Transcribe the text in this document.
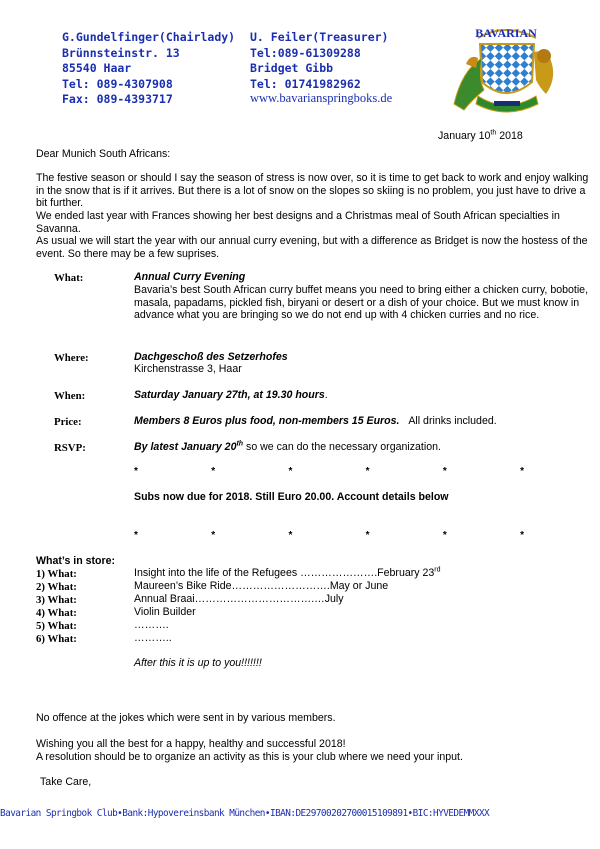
G.Gundelfinger(Chairlady)
Brünnsteinstr. 13
85540 Haar
Tel: 089-4307908
Fax: 089-4393717
U. Feiler(Treasurer)
Tel:089-61309288
Bridget Gibb
Tel: 01741982962
www.bavarianspringboks.de
BAVARIAN
January 10th 2018
Dear Munich South Africans:
The festive season or should I say the season of stress is now over, so it is time to get back to work and enjoy walking in the snow that is if it arrives. But there is a lot of snow on the slopes so skiing is no problem, you just have to drive a bit further.
We ended last year with Frances showing her best designs and a Christmas meal of South African specialties in Savanna.
As usual we will start the year with our annual curry evening, but with a difference as Bridget is now the hostess of the event. So there may be a few suprises.
What:	Annual Curry Evening
Bavaria’s best South African curry buffet means you need to bring either a chicken curry, bobotie, masala, papadams, pickled fish, biryani or desert or a dish of your choice. But we must know in advance what you are bringing so we do not end up with 4 chicken curries and no rice.
Where:	Dachgeschoß des Setzerhofes
Kirchenstrasse 3, Haar
When:	Saturday January 27th, at 19.30 hours.
Price:	Members 8 Euros plus food, non-members 15 Euros. All drinks included.
RSVP:	By latest January 20th so we can do the necessary organization.
*	*	*	*	*	*
Subs now due for 2018. Still Euro 20.00. Account details below
*	*	*	*	*	*
What’s in store:
1) What:	Insight into the life of the Refugees ………………….February 23rd
2) What:	Maureen’s Bike Ride……………………….May or June
3) What:	Annual Braai…………………………….…July
4) What:	Violin Builder
5) What:	……….
6) What:	………..
After this it is up to you!!!!!!!
No offence at the jokes which were sent in by various members.
Wishing you all the best for a happy, healthy and successful 2018!
A resolution should be to organize an activity as this is your club where we need your input.
Take Care,
Bavarian Springbok Club•Bank:Hypovereinsbank München•IBAN:DE29700202700015109891•BIC:HYVEDEMMXXX
